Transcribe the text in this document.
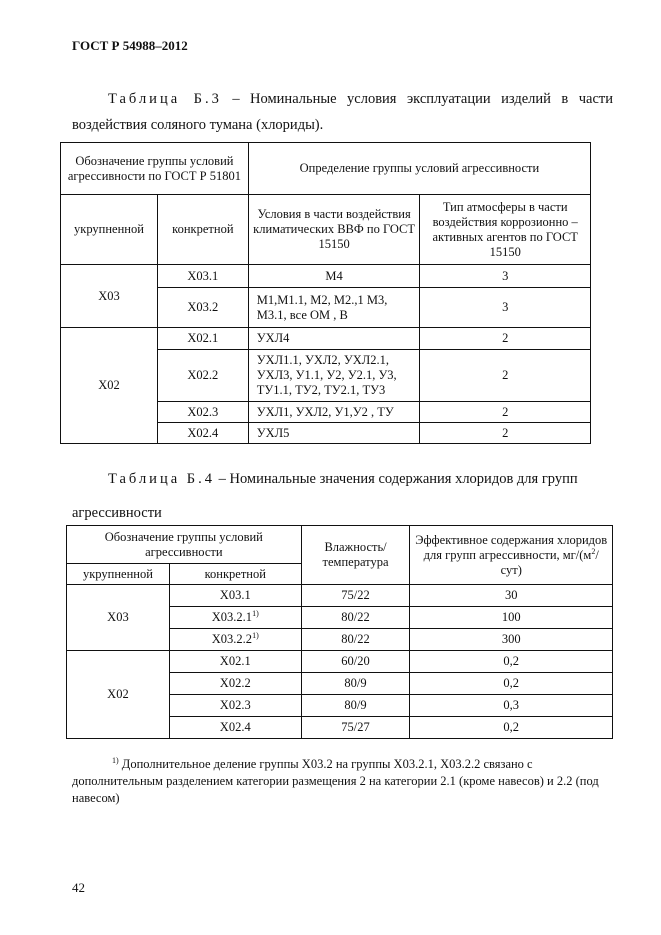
ГОСТ Р 54988–2012
Таблица Б.3 – Номинальные условия эксплуатации изделий в части
воздействия соляного тумана (хлориды).
Обозначение группы условий агрессивности по ГОСТ Р 51801		Определение группы условий агрессивности	
укрупненной	конкретной	Условия в части воздействия климатических ВВФ по ГОСТ 15150	Тип атмосферы в части воздействия коррозионно – активных агентов по ГОСТ 15150
Х03	Х03.1	М4	3
	Х03.2	М1,М1.1, М2, М2.,1 М3, М3.1, все ОМ , В	3
Х02	Х02.1	УХЛ4	2
	Х02.2	УХЛ1.1, УХЛ2, УХЛ2.1, УХЛ3, У1.1, У2, У2.1, У3, ТУ1.1, ТУ2, ТУ2.1, ТУ3	2
	Х02.3	УХЛ1, УХЛ2, У1,У2 , ТУ	2
	Х02.4	УХЛ5	2
Таблица Б.4 – Номинальные значения содержания хлоридов для групп
агрессивности
Обозначение группы условий агрессивности		Влажность/ температура	Эффективное содержания хлоридов для групп агрессивности, $мг/(м^2/сут)$
укрупненной	конкретной		
Х03	Х03.1	75/22	30
	Х03.2.1$^{1)}$	80/22	100
	Х03.2.2$^{1)}$	80/22	300
Х02	Х02.1	60/20	0,2
	Х02.2	80/9	0,2
	Х02.3	80/9	0,3
	Х02.4	75/27	0,2
$^{1)}$ Дополнительное деление группы Х03.2 на группы Х03.2.1, Х03.2.2 связано с дополнительным разделением категории размещения 2 на категории 2.1 (кроме навесов) и 2.2 (под навесом)
42
